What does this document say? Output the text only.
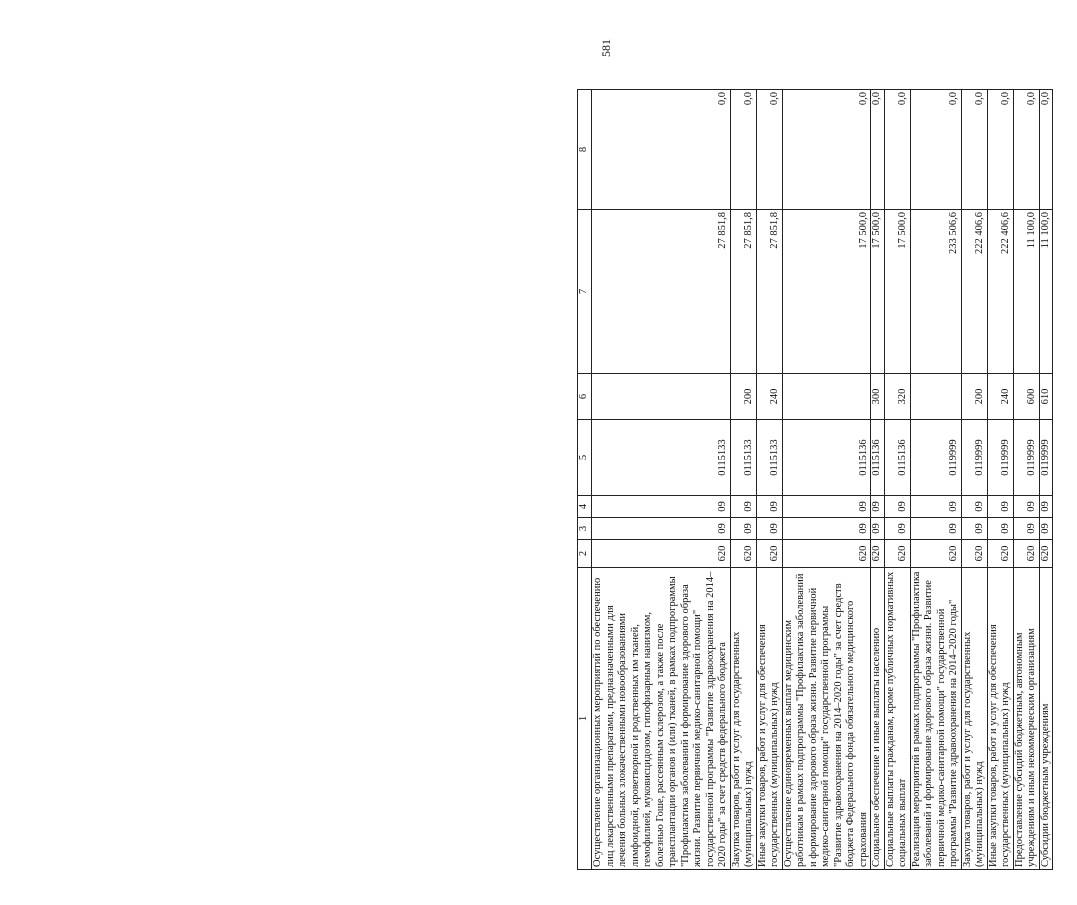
581
1	2	3	4	5	6	7	8
Осуществление организационных мероприятий по обеспечению лиц лекарственными препаратами, предназначенными для лечения больных злокачественными новообразованиями лимфоидной, кроветворной и родственных им тканей, гемофилией, муковисцидозом, гипофизарным нанизмом, болезнью Гоше, рассеянным склерозом, а также после трансплантации органов и (или) тканей, в рамках подпрограммы "Профилактика заболеваний и формирование здорового образа жизни. Развитие первичной медико-санитарной помощи" государственной программы "Развитие здравоохранения на 2014–2020 годы" за счет средств федерального бюджета	620	09	09	0115133		27 851,8	0,0
Закупка товаров, работ и услуг для государственных (муниципальных) нужд	620	09	09	0115133	200	27 851,8	0,0
Иные закупки товаров, работ и услуг для обеспечения государственных (муниципальных) нужд	620	09	09	0115133	240	27 851,8	0,0
Осуществление единовременных выплат медицинским работникам в рамках подпрограммы "Профилактика заболеваний и формирование здорового образа жизни. Развитие первичной медико-санитарной помощи" государственной программы "Развитие здравоохранения на 2014–2020 годы" за счет средств бюджета Федерального фонда обязательного медицинского страхования	620	09	09	0115136		17 500,0	0,0
Социальное обеспечение и иные выплаты населению	620	09	09	0115136	300	17 500,0	0,0
Социальные выплаты гражданам, кроме публичных нормативных социальных выплат	620	09	09	0115136	320	17 500,0	0,0
Реализация мероприятий в рамках подпрограммы "Профилактика заболеваний и формирование здорового образа жизни. Развитие первичной медико-санитарной помощи" государственной программы "Развитие здравоохранения на 2014–2020 годы"	620	09	09	0119999		233 506,6	0,0
Закупка товаров, работ и услуг для государственных (муниципальных) нужд	620	09	09	0119999	200	222 406,6	0,0
Иные закупки товаров, работ и услуг для обеспечения государственных (муниципальных) нужд	620	09	09	0119999	240	222 406,6	0,0
Предоставление субсидий бюджетным, автономным учреждениям и иным некоммерческим организациям	620	09	09	0119999	600	11 100,0	0,0
Субсидии бюджетным учреждениям	620	09	09	0119999	610	11 100,0	0,0
